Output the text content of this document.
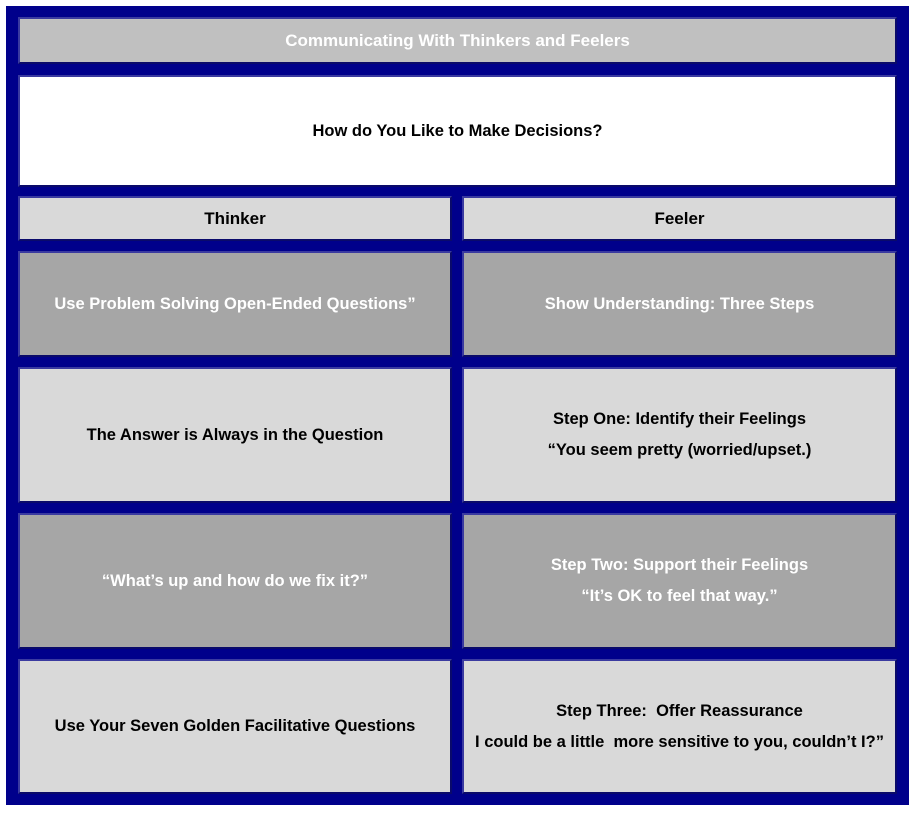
Communicating With Thinkers and Feelers
How do You Like to Make Decisions?
Thinker	Feeler
Use Problem Solving Open-Ended Questions”	Show Understanding: Three Steps
The Answer is Always in the Question
Step One: Identify their Feelings
“You seem pretty (worried/upset.)
“What’s up and how do we fix it?”
Step Two: Support their Feelings
“It’s OK to feel that way.”
Use Your Seven Golden Facilitative Questions
Step Three:  Offer Reassurance
I could be a little  more sensitive to you, couldn’t I?”
